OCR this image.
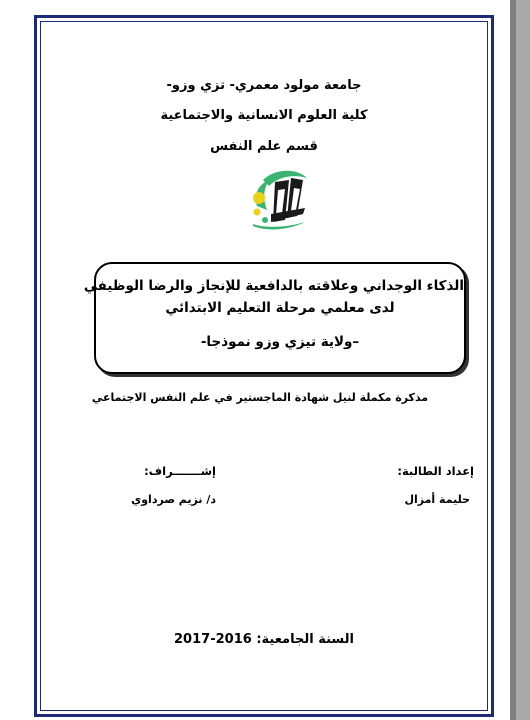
جامعة مولود معمري- تزي وزو-
كلية العلوم الانسانية والاجتماعية
قسم علم النفس
الذكاء الوجداني وعلاقته بالدافعية للإنجاز والرضا الوظيفي
لدى معلمي مرحلة التعليم الابتدائي
–ولاية تيزي وزو نموذجا-
مذكرة مكملة لنيل شهادة الماجستير في علم النفس الاجتماعي
إعداد الطالبة:
حليمة أمزال
إشـــــــراف:
د/ نزيم صرداوي
السنة الجامعية: 2016-2017
